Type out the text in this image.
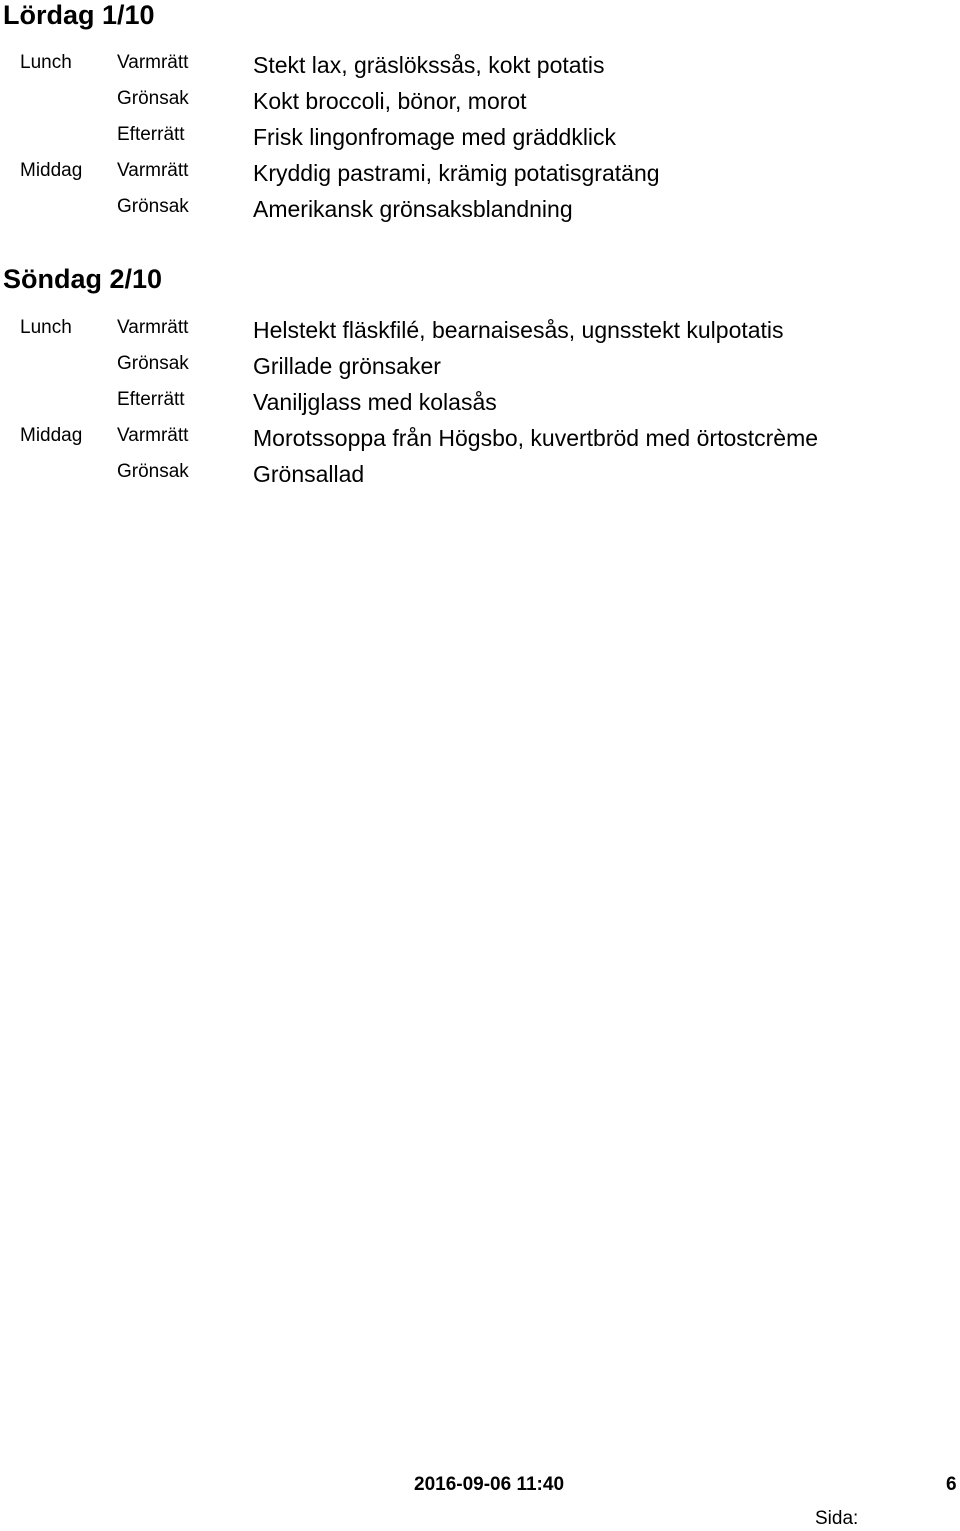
Lördag 1/10
Lunch Varmrätt	Stekt lax, gräslökssås, kokt potatis
Grönsak	Kokt broccoli, bönor, morot
Efterrätt	Frisk lingonfromage med gräddklick
Middag Varmrätt	Kryddig pastrami, krämig potatisgratäng
Grönsak	Amerikansk grönsaksblandning
Söndag 2/10
Lunch Varmrätt	Helstekt fläskfilé, bearnaisesås, ugnsstekt kulpotatis
Grönsak	Grillade grönsaker
Efterrätt	Vaniljglass med kolasås
Middag Varmrätt	Morotssoppa från Högsbo, kuvertbröd med örtostcrème
Grönsak	Grönsallad
2016-09-06 11:40	6
Sida:
